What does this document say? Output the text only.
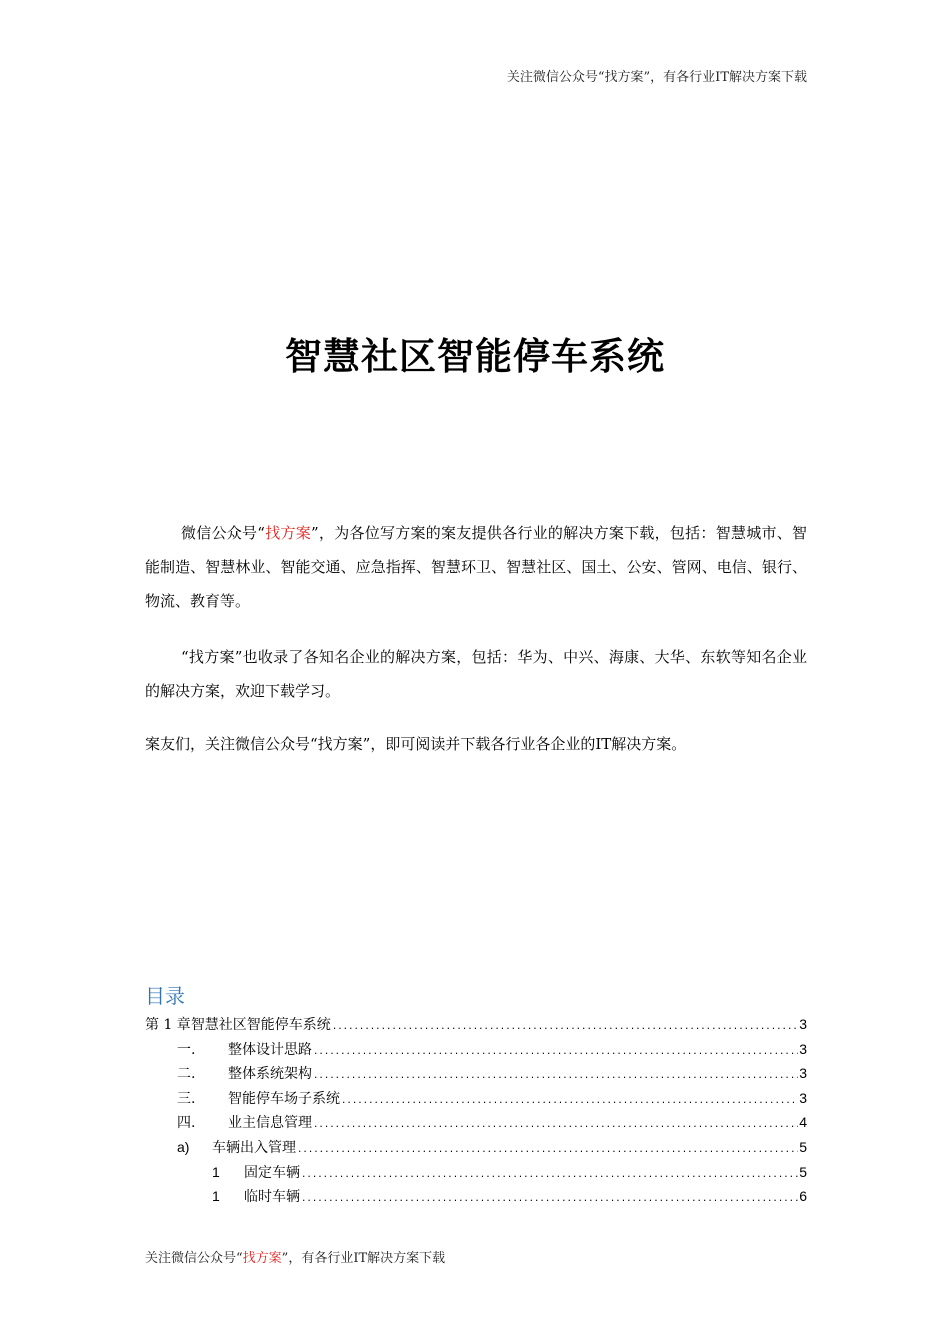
关注微信公众号“找方案”，有各行业IT解决方案下载
智慧社区智能停车系统

微信公众号“找方案”，为各位写方案的案友提供各行业的解决方案下载，包括：智慧城市、智能制造、智慧林业、智能交通、应急指挥、智慧环卫、智慧社区、国土、公安、管网、电信、银行、物流、教育等。

“找方案”也收录了各知名企业的解决方案，包括：华为、中兴、海康、大华、东软等知名企业的解决方案，欢迎下载学习。

案友们，关注微信公众号“找方案”，即可阅读并下载各行业各企业的IT解决方案。

目录
第 1 章 智慧社区智能停车系统 .....	3
一.	整体设计思路 .....	3
二.	整体系统架构 .....	3
三.	智能停车场子系统 .....	3
四.	业主信息管理 .....	4
a)	车辆出入管理 .....	5
1	固定车辆 .....	5
1	临时车辆 .....	6
关注微信公众号“找方案”，有各行业IT解决方案下载
